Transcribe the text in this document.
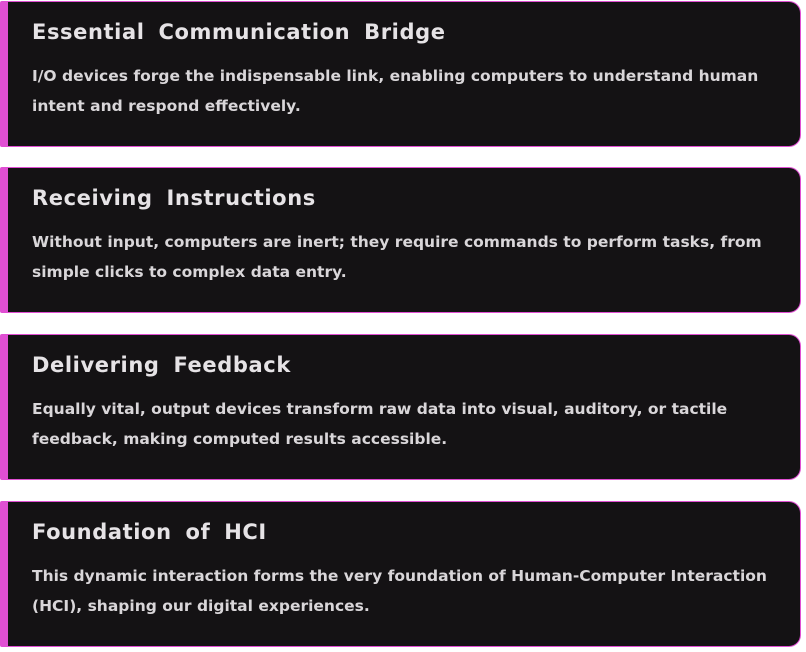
Essential Communication Bridge

I/O devices forge the indispensable link, enabling computers to understand human intent and respond effectively.

Receiving Instructions

Without input, computers are inert; they require commands to perform tasks, from simple clicks to complex data entry.

Delivering Feedback

Equally vital, output devices transform raw data into visual, auditory, or tactile feedback, making computed results accessible.

Foundation of HCI

This dynamic interaction forms the very foundation of Human-Computer Interaction (HCI), shaping our digital experiences.
